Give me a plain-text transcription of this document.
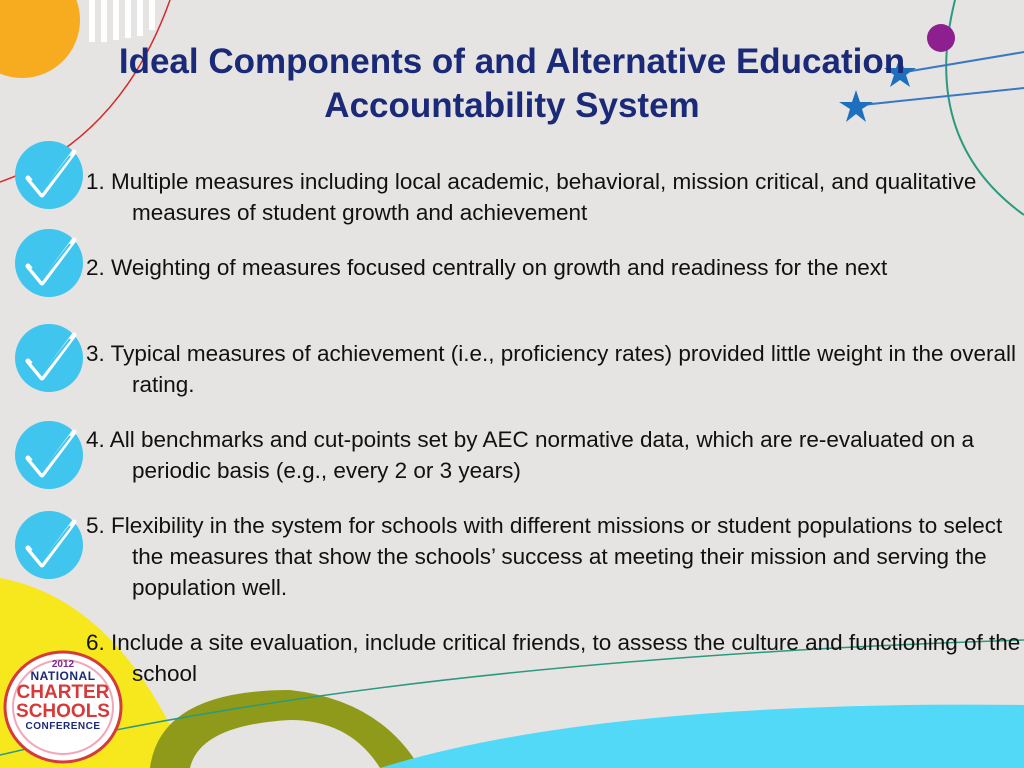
Ideal Components of and Alternative Education Accountability System

1. Multiple measures including local academic, behavioral, mission critical, and qualitative measures of student growth and achievement

2. Weighting of measures focused centrally on growth and readiness for the next

3. Typical measures of achievement (i.e., proficiency rates) provided little weight in the overall rating.

4. All benchmarks and cut-points set by AEC normative data, which are re-evaluated on a periodic basis (e.g., every 2 or 3 years)

5. Flexibility in the system for schools with different missions or student populations to select the measures that show the schools’ success at meeting their mission and serving the population well.

6. Include a site evaluation, include critical friends, to assess the culture and functioning of the school

2012
NATIONAL
CHARTER
SCHOOLS
CONFERENCE
